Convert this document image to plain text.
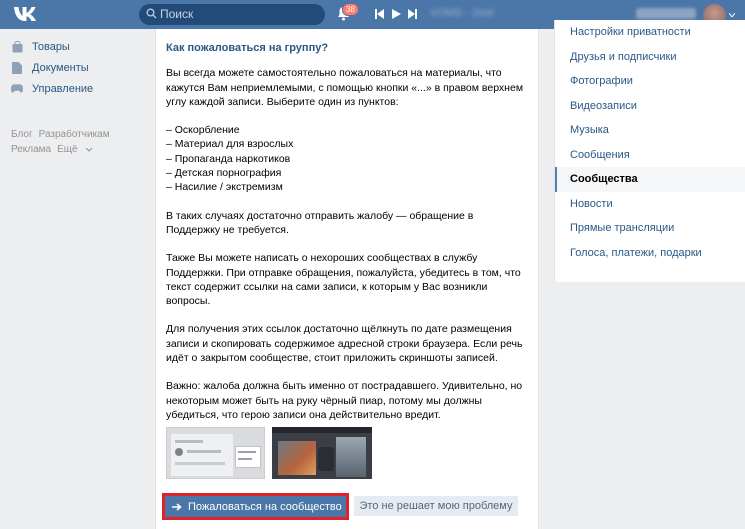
Поиск	38
	VOMS - Zest
Товары
Документы
Управление
Блог Разработчикам
Реклама Ещё
Как пожаловаться на группу?

Вы всегда можете самостоятельно пожаловаться на материалы, что кажутся Вам неприемлемыми, с помощью кнопки «...» в правом верхнем углу каждой записи. Выберите один из пунктов:

– Оскорбление
– Материал для взрослых
– Пропаганда наркотиков
– Детская порнография
– Насилие / экстремизм

В таких случаях достаточно отправить жалобу — обращение в Поддержку не требуется.

Также Вы можете написать о нехороших сообществах в службу Поддержки. При отправке обращения, пожалуйста, убедитесь в том, что текст содержит ссылки на сами записи, к которым у Вас возникли вопросы.

Для получения этих ссылок достаточно щёлкнуть по дате размещения записи и скопировать содержимое адресной строки браузера. Если речь идёт о закрытом сообществе, стоит приложить скриншоты записей.

Важно: жалоба должна быть именно от пострадавшего. Удивительно, но некоторым может быть на руку чёрный пиар, потому мы должны убедиться, что герою записи она действительно вредит.

Пожаловаться на сообщество Это не решает мою проблему
Настройки приватности
Друзья и подписчики
Фотографии
Видеозаписи
Музыка
Сообщения
Сообщества
Новости
Прямые трансляции
Голоса, платежи, подарки
